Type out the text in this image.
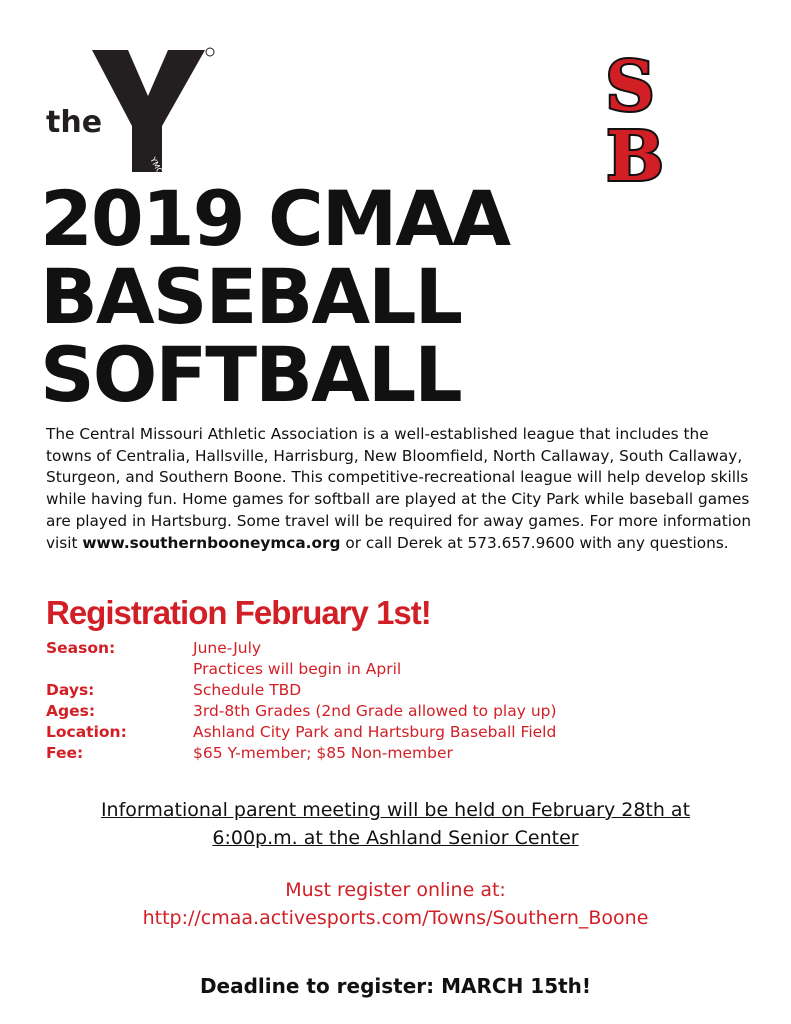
the
YMCA
S
B
SB
2019 CMAA
BASEBALL
SOFTBALL
The Central Missouri Athletic Association is a well-established league that includes the towns of Centralia, Hallsville, Harrisburg, New Bloomfield, North Callaway, South Callaway, Sturgeon, and Southern Boone. This competitive-recreational league will help develop skills while having fun. Home games for softball are played at the City Park while baseball games are played in Hartsburg. Some travel will be required for away games. For more information visit www.southernbooneymca.org or call Derek at 573.657.9600 with any questions.
Registration February 1st!
Season:	June-July
Practices will begin in April
Days:	Schedule TBD
Ages:	3rd-8th Grades (2nd Grade allowed to play up)
Location:	Ashland City Park and Hartsburg Baseball Field
Fee:	$65 Y-member; $85 Non-member
Informational parent meeting will be held on February 28th at
6:00p.m. at the Ashland Senior Center
Must register online at:
http://cmaa.activesports.com/Towns/Southern_Boone
Deadline to register: MARCH 15th!
